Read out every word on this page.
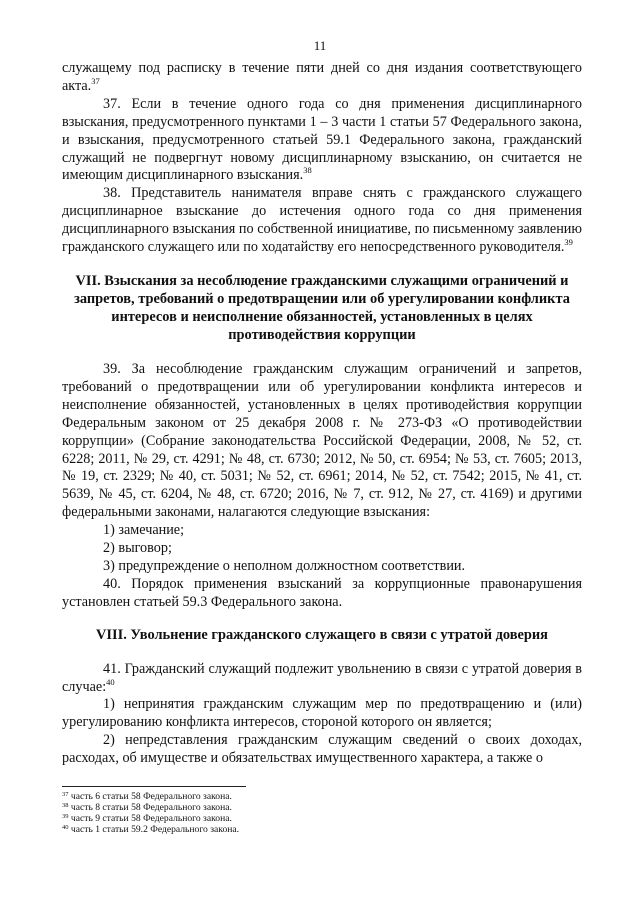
11

служащему под расписку в течение пяти дней со дня издания соответствующего акта.$^{37}$

37. Если в течение одного года со дня применения дисциплинарного взыскания, предусмотренного пунктами 1 – 3 части 1 статьи 57 Федерального закона, и взыскания, предусмотренного статьей 59.1 Федерального закона, гражданский служащий не подвергнут новому дисциплинарному взысканию, он считается не имеющим дисциплинарного взыскания.$^{38}$

38. Представитель нанимателя вправе снять с гражданского служащего дисциплинарное взыскание до истечения одного года со дня применения дисциплинарного взыскания по собственной инициативе, по письменному заявлению гражданского служащего или по ходатайству его непосредственного руководителя.$^{39}$

VII. Взыскания за несоблюдение гражданскими служащими ограничений и запретов, требований о предотвращении или об урегулировании конфликта интересов и неисполнение обязанностей, установленных в целях противодействия коррупции

39. За несоблюдение гражданским служащим ограничений и запретов, требований о предотвращении или об урегулировании конфликта интересов и неисполнение обязанностей, установленных в целях противодействия коррупции Федеральным законом от 25 декабря 2008 г. № 273-ФЗ «О противодействии коррупции» (Собрание законодательства Российской Федерации, 2008, № 52, ст. 6228; 2011, № 29, ст. 4291; № 48, ст. 6730; 2012, № 50, ст. 6954; № 53, ст. 7605; 2013, № 19, ст. 2329; № 40, ст. 5031; № 52, ст. 6961; 2014, № 52, ст. 7542; 2015, № 41, ст. 5639, № 45, ст. 6204, № 48, ст. 6720; 2016, № 7, ст. 912, № 27, ст. 4169) и другими федеральными законами, налагаются следующие взыскания:

1) замечание;

2) выговор;

3) предупреждение о неполном должностном соответствии.

40. Порядок применения взысканий за коррупционные правонарушения установлен статьей 59.3 Федерального закона.

VIII. Увольнение гражданского служащего в связи с утратой доверия

41. Гражданский служащий подлежит увольнению в связи с утратой доверия в случае:$^{40}$

1) непринятия гражданским служащим мер по предотвращению и (или) урегулированию конфликта интересов, стороной которого он является;

2) непредставления гражданским служащим сведений о своих доходах, расходах, об имуществе и обязательствах имущественного характера, а также о

$^{37}$ часть 6 статьи 58 Федерального закона.

$^{38}$ часть 8 статьи 58 Федерального закона.

$^{39}$ часть 9 статьи 58 Федерального закона.

$^{40}$ часть 1 статьи 59.2 Федерального закона.
